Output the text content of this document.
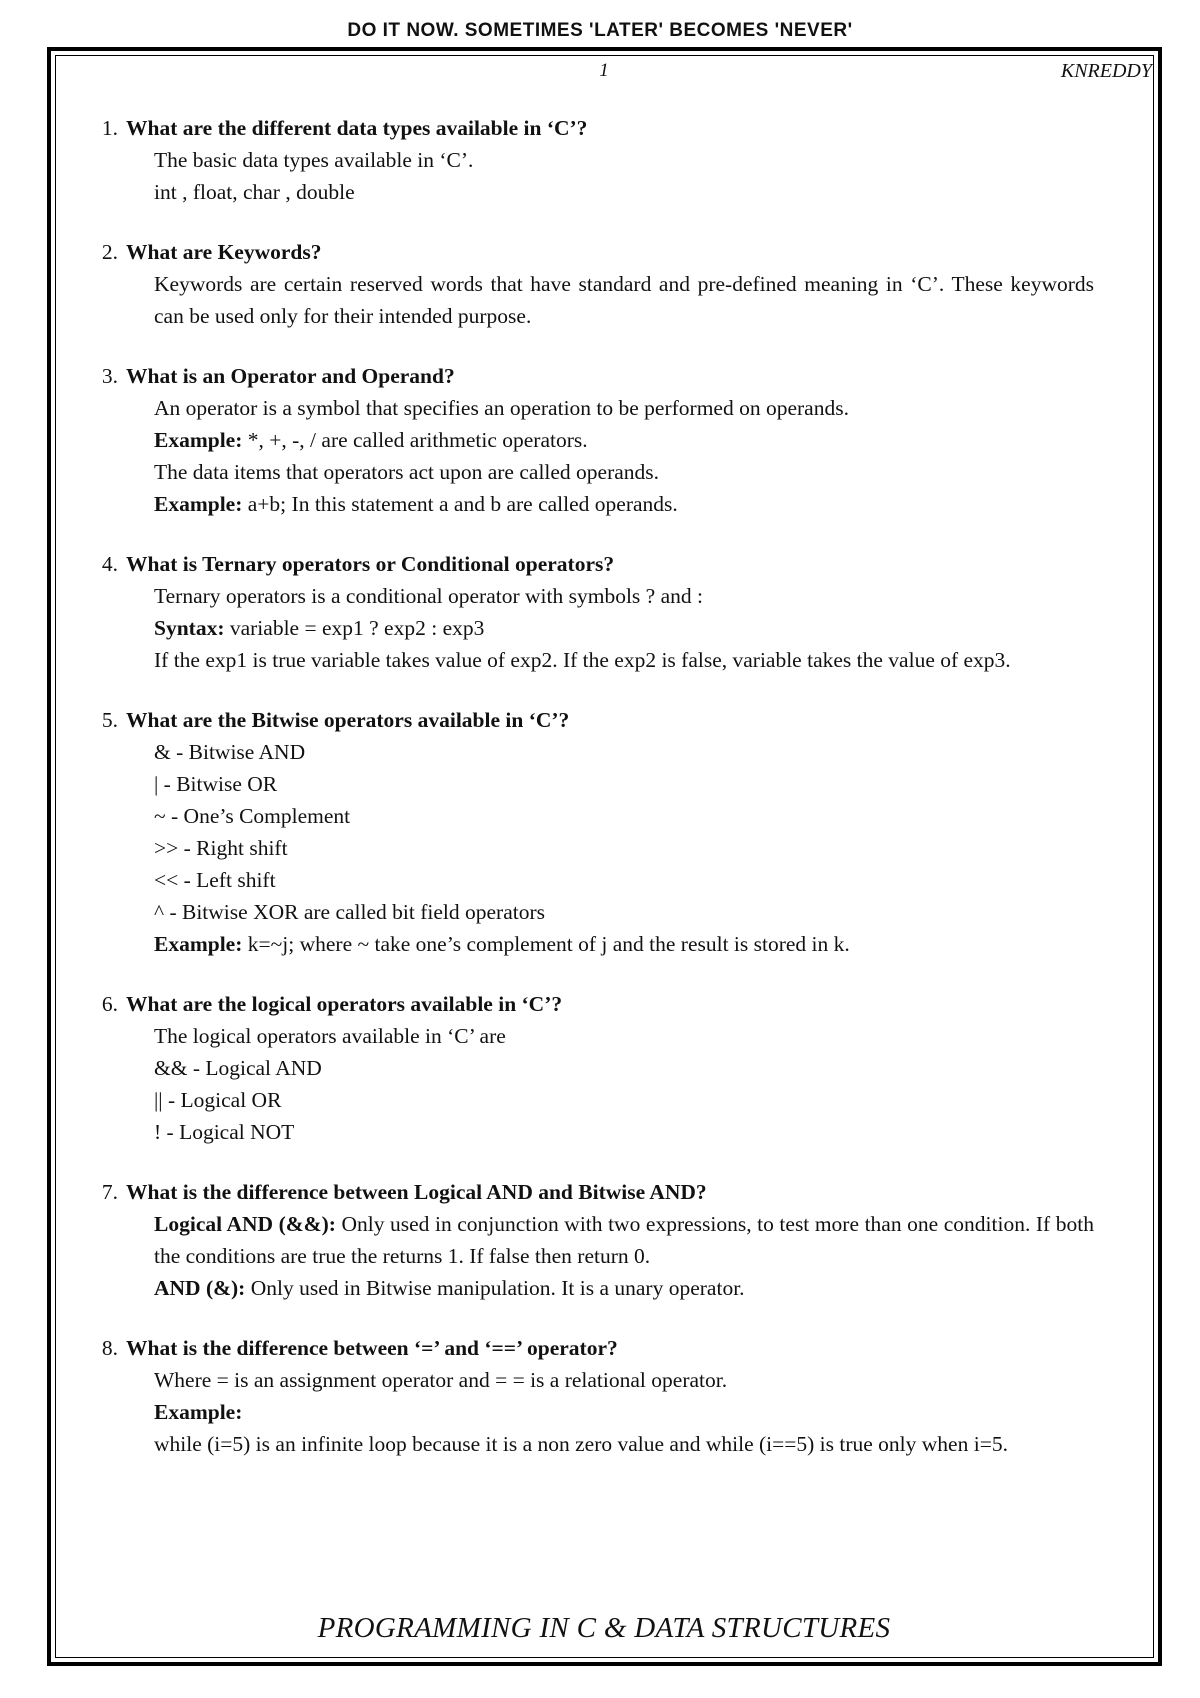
DO IT NOW. SOMETIMES 'LATER' BECOMES 'NEVER'
1	KNREDDY
1. What are the different data types available in ‘C’?
The basic data types available in ‘C’.
int , float, char , double
2. What are Keywords?
Keywords are certain reserved words that have standard and pre-defined meaning in ‘C’. These keywords can be used only for their intended purpose.
3. What is an Operator and Operand?
An operator is a symbol that specifies an operation to be performed on operands.
Example: *, +, -, / are called arithmetic operators.
The data items that operators act upon are called operands.
Example: a+b; In this statement a and b are called operands.
4. What is Ternary operators or Conditional operators?
Ternary operators is a conditional operator with symbols ? and :
Syntax: variable = exp1 ? exp2 : exp3
If the exp1 is true variable takes value of exp2. If the exp2 is false, variable takes the value of exp3.
5. What are the Bitwise operators available in ‘C’?
& - Bitwise AND
| - Bitwise OR
~ - One’s Complement
>> - Right shift
<< - Left shift
^ - Bitwise XOR are called bit field operators
Example: k=~j; where ~ take one’s complement of j and the result is stored in k.
6. What are the logical operators available in ‘C’?
The logical operators available in ‘C’ are
&& - Logical AND
|| - Logical OR
! - Logical NOT
7. What is the difference between Logical AND and Bitwise AND?
Logical AND (&&): Only used in conjunction with two expressions, to test more than one condition. If both the conditions are true the returns 1. If false then return 0.
AND (&): Only used in Bitwise manipulation. It is a unary operator.
8. What is the difference between ‘=’ and ‘==’ operator?
Where = is an assignment operator and = = is a relational operator.
Example:
while (i=5) is an infinite loop because it is a non zero value and while (i==5) is true only when i=5.
PROGRAMMING IN C & DATA STRUCTURES
